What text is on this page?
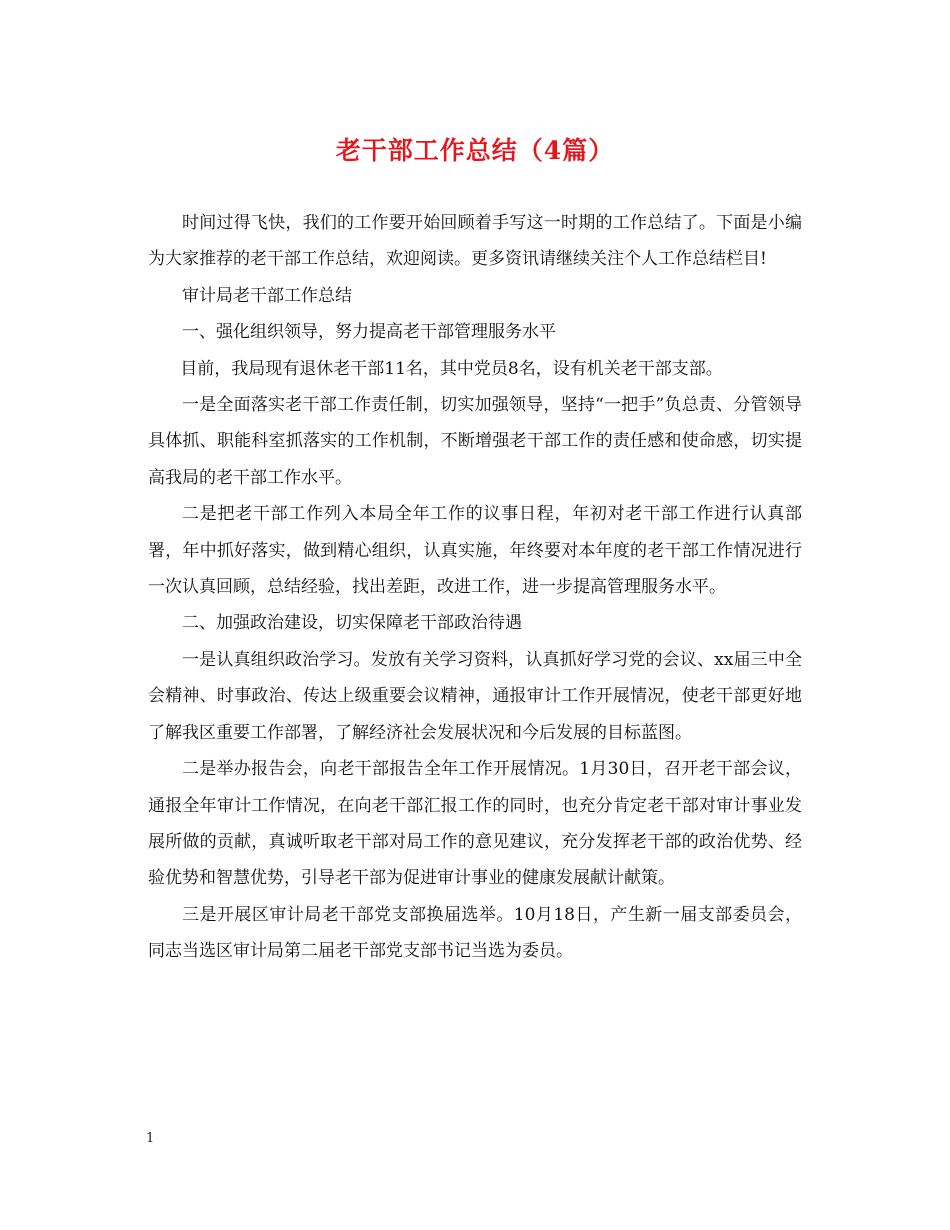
老干部工作总结（4篇）

时间过得飞快，我们的工作要开始回顾着手写这一时期的工作总结了。下面是小编为大家推荐的老干部工作总结，欢迎阅读。更多资讯请继续关注个人工作总结栏目!

审计局老干部工作总结

一、强化组织领导，努力提高老干部管理服务水平

目前，我局现有退休老干部11名，其中党员8名，设有机关老干部支部。

一是全面落实老干部工作责任制，切实加强领导，坚持“一把手”负总责、分管领导具体抓、职能科室抓落实的工作机制，不断增强老干部工作的责任感和使命感，切实提高我局的老干部工作水平。

二是把老干部工作列入本局全年工作的议事日程，年初对老干部工作进行认真部署，年中抓好落实，做到精心组织，认真实施，年终要对本年度的老干部工作情况进行一次认真回顾，总结经验，找出差距，改进工作，进一步提高管理服务水平。

二、加强政治建设，切实保障老干部政治待遇

一是认真组织政治学习。发放有关学习资料，认真抓好学习党的会议、xx届三中全会精神、时事政治、传达上级重要会议精神，通报审计工作开展情况，使老干部更好地了解我区重要工作部署，了解经济社会发展状况和今后发展的目标蓝图。

二是举办报告会，向老干部报告全年工作开展情况。1月30日，召开老干部会议，通报全年审计工作情况，在向老干部汇报工作的同时，也充分肯定老干部对审计事业发展所做的贡献，真诚听取老干部对局工作的意见建议，充分发挥老干部的政治优势、经验优势和智慧优势，引导老干部为促进审计事业的健康发展献计献策。

三是开展区审计局老干部党支部换届选举。10月18日，产生新一届支部委员会，同志当选区审计局第二届老干部党支部书记当选为委员。

1
